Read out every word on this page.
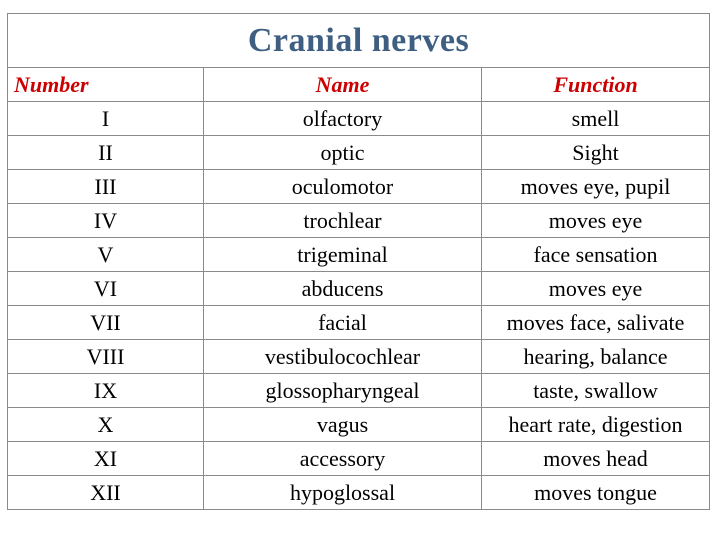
Cranial nerves		
Number	Name	Function
I	olfactory	smell
II	optic	Sight
III	oculomotor	moves eye, pupil
IV	trochlear	moves eye
V	trigeminal	face sensation
VI	abducens	moves eye
VII	facial	moves face, salivate
VIII	vestibulocochlear	hearing, balance
IX	glossopharyngeal	taste, swallow
X	vagus	heart rate, digestion
XI	accessory	moves head
XII	hypoglossal	moves tongue
